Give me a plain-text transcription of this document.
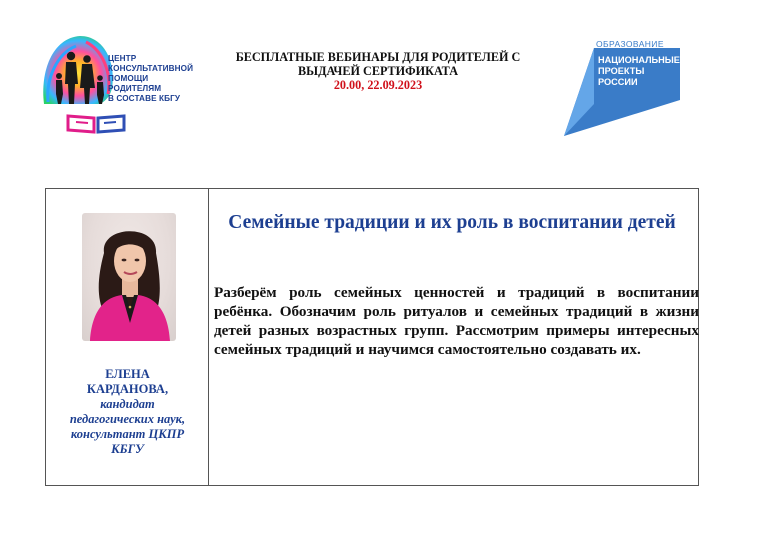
ЦЕНТР
КОНСУЛЬТАТИВНОЙ
ПОМОЩИ
РОДИТЕЛЯМ
В СОСТАВЕ КБГУ
БЕСПЛАТНЫЕ ВЕБИНАРЫ ДЛЯ РОДИТЕЛЕЙ С
ВЫДАЧЕЙ СЕРТИФИКАТА
20.00, 22.09.2023
ОБРАЗОВАНИЕ
НАЦИОНАЛЬНЫЕ
ПРОЕКТЫ
РОССИИ
ЕЛЕНА
КАРДАНОВА,
кандидат
педагогических наук,
консультант ЦКПР
КБГУ
Семейные традиции и их роль в воспитании детей
Разберём роль семейных ценностей и традиций в воспитании ребёнка. Обозначим роль ритуалов и семейных традиций в жизни детей разных возрастных групп. Рассмотрим примеры интересных семейных традиций и научимся самостоятельно создавать их.
